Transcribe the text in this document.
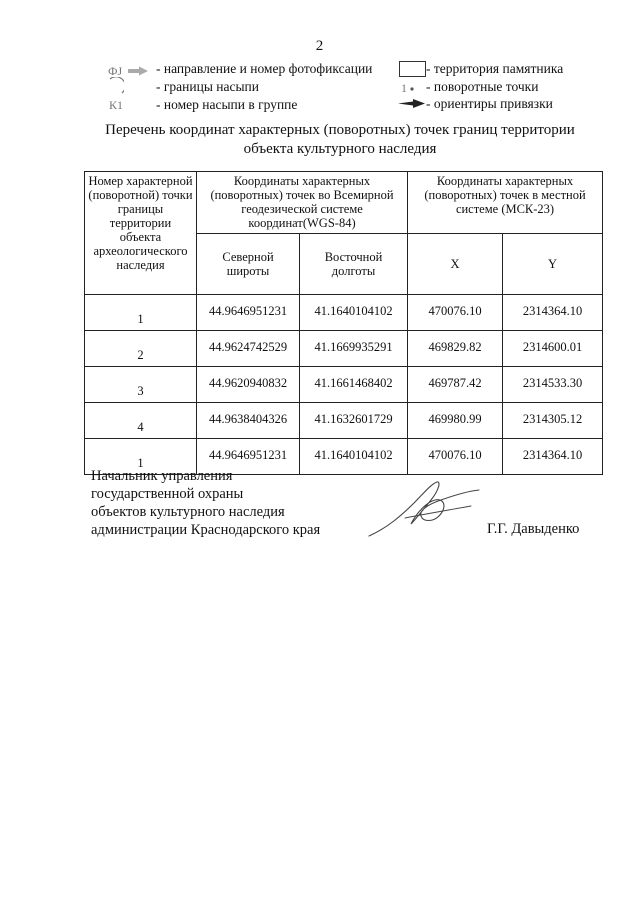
2
ФJ	- направление и номер фотофиксации
- границы насыпи
К1 - номер насыпи в группе
- территория памятника
1 - поворотные точки
- ориентиры привязки
Перечень координат характерных (поворотных) точек границ территории
объекта культурного наследия
Номер характерной (поворотной) точки границы территории объекта археологического наследия	Координаты характерных (поворотных) точек во Всемирной геодезической системе координат(WGS-84)		Координаты характерных (поворотных) точек в местной системе (МСК-23)	
	Северной широты	Восточной долготы	X	Y
1	44.9646951231	41.1640104102	470076.10	2314364.10
2	44.9624742529	41.1669935291	469829.82	2314600.01
3	44.9620940832	41.1661468402	469787.42	2314533.30
4	44.9638404326	41.1632601729	469980.99	2314305.12
1	44.9646951231	41.1640104102	470076.10	2314364.10
Начальник управления
государственной охраны
объектов культурного наследия
администрации Краснодарского края	Г.Г. Давыденко
